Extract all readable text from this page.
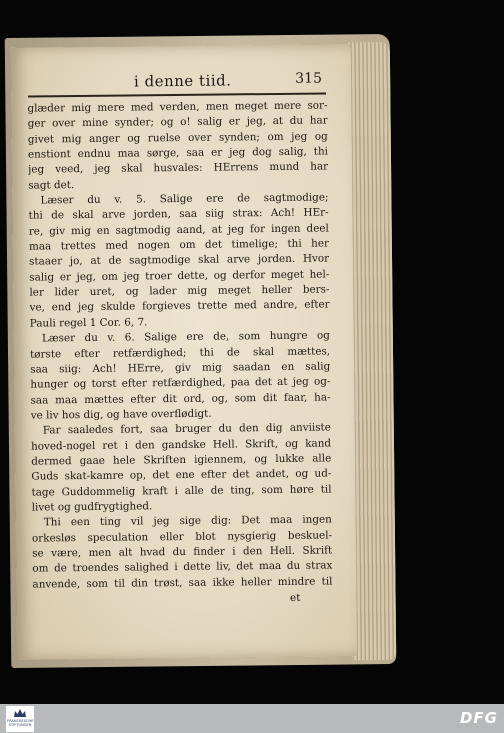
i denne tiid.	315
glæder mig mere med verden, men meget mere sor-
ger over mine synder; og o! salig er jeg, at du har
givet mig anger og ruelse over synden; om jeg og
enstiont endnu maa sørge, saa er jeg dog salig, thi
jeg veed, jeg skal husvales: HErrens mund har
sagt det.
Læser du v. 5. Salige ere de sagtmodige;
thi de skal arve jorden, saa siig strax: Ach! HEr-
re, giv mig en sagtmodig aand, at jeg for ingen deel
maa trettes med nogen om det timelige; thi her
staaer jo, at de sagtmodige skal arve jorden. Hvor
salig er jeg, om jeg troer dette, og derfor meget hel-
ler lider uret, og lader mig meget heller bers-
ve, end jeg skulde forgieves trette med andre, efter
Pauli regel 1 Cor. 6, 7.
Læser du v. 6. Salige ere de, som hungre og
tørste efter retfærdighed; thi de skal mættes,
saa siig: Ach! HErre, giv mig saadan en salig
hunger og torst efter retfærdighed, paa det at jeg og-
saa maa mættes efter dit ord, og, som dit faar, ha-
ve liv hos dig, og have overflødigt.
Far saaledes fort, saa bruger du den dig anviiste
hoved-nogel ret i den gandske Hell. Skrift, og kand
dermed gaae hele Skriften igiennem, og lukke alle
Guds skat-kamre op, det ene efter det andet, og ud-
tage Guddommelig kraft i alle de ting, som høre til
livet og gudfrygtighed.
Thi een ting vil jeg sige dig: Det maa ingen
orkesløs speculation eller blot nysgierig beskuel-
se være, men alt hvad du finder i den Hell. Skrift
om de troendes salighed i dette liv, det maa du strax
anvende, som til din trøst, saa ikke heller mindre til
et
FRANCKESCHE STIFTUNGEN	DFG
